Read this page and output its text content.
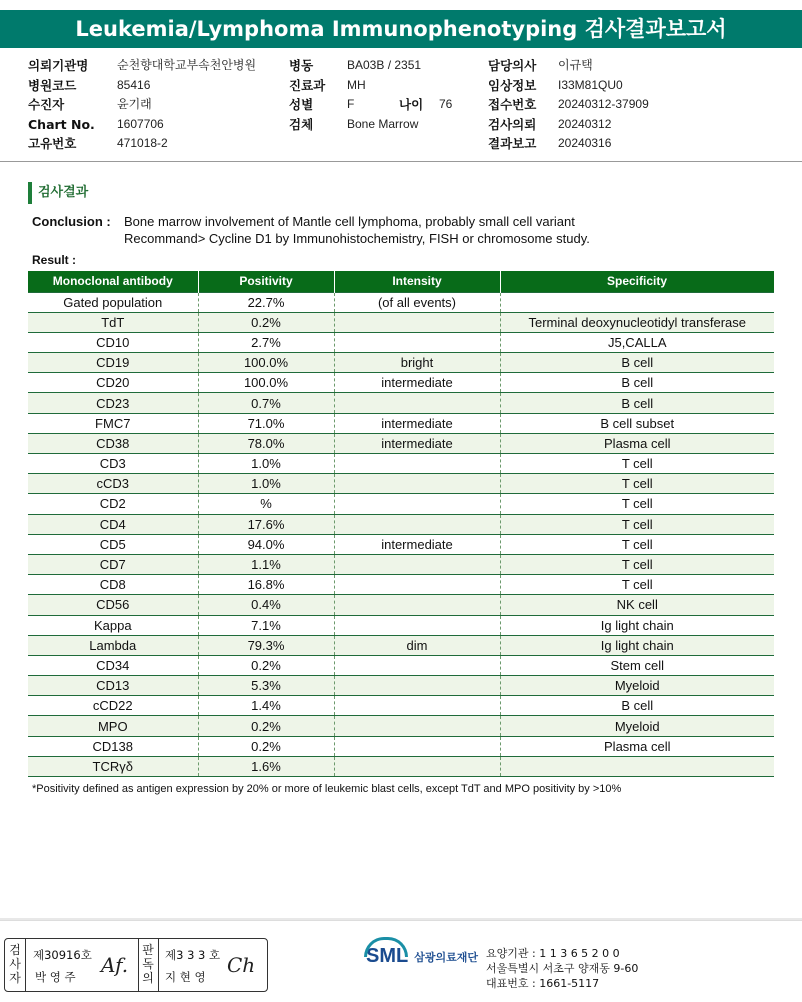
Leukemia/Lymphoma Immunophenotyping 검사결과보고서
의뢰기관명	순천향대학교부속천안병원
병원코드	85416
수진자	윤기래
Chart No.	1607706
고유번호	471018-2
병동	BA03B / 2351
진료과	MH
성별	F	나이	76
검체	Bone Marrow
담당의사	이규택
임상정보	I33M81QU0
접수번호	20240312-37909
검사의뢰	20240312
결과보고	20240316
검사결과
Conclusion : Bone marrow involvement of Mantle cell lymphoma, probably small cell variant
Recommand> Cycline D1 by Immunohistochemistry, FISH or chromosome study.
Result :
Monoclonal antibody	Positivity	Intensity	Specificity
Gated population	22.7%	(of all events)	
TdT	0.2%		Terminal deoxynucleotidyl transferase
CD10	2.7%		J5,CALLA
CD19	100.0%	bright	B cell
CD20	100.0%	intermediate	B cell
CD23	0.7%		B cell
FMC7	71.0%	intermediate	B cell subset
CD38	78.0%	intermediate	Plasma cell
CD3	1.0%		T cell
cCD3	1.0%		T cell
CD2	%		T cell
CD4	17.6%		T cell
CD5	94.0%	intermediate	T cell
CD7	1.1%		T cell
CD8	16.8%		T cell
CD56	0.4%		NK cell
Kappa	7.1%		Ig light chain
Lambda	79.3%	dim	Ig light chain
CD34	0.2%		Stem cell
CD13	5.3%		Myeloid
cCD22	1.4%		B cell
MPO	0.2%		Myeloid
CD138	0.2%		Plasma cell
TCRγδ	1.6%		
*Positivity defined as antigen expression by 20% or more of leukemic blast cells, except TdT and MPO positivity by >10%
검사자
제30916호
박 영 주 Af.
판독의
제3 3 3 호
지 현 영 Ch	SML 삼광의료재단 요양기관 : 1 1 3 6 5 2 0 0
서울특별시 서초구 양재동 9-60
대표번호 : 1661-5117
